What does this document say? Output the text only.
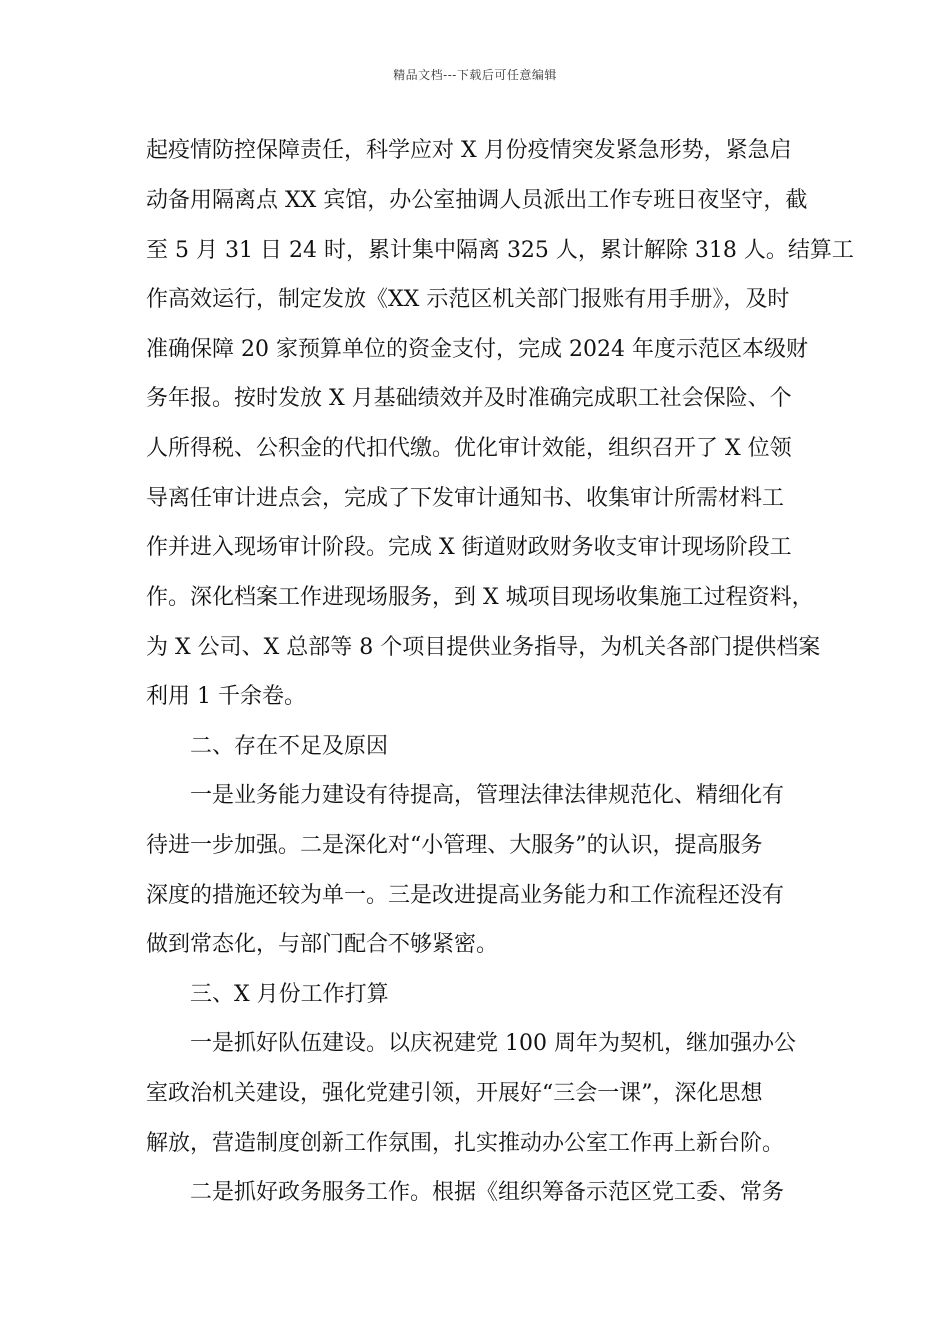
精品文档---下载后可任意编辑
起疫情防控保障责任，科学应对 X 月份疫情突发紧急形势，紧急启
动备用隔离点 XX 宾馆，办公室抽调人员派出工作专班日夜坚守，截
至 5 月 31 日 24 时，累计集中隔离 325 人，累计解除 318 人。结算工
作高效运行，制定发放《XX 示范区机关部门报账有用手册》，及时
准确保障 20 家预算单位的资金支付，完成 2024 年度示范区本级财
务年报。按时发放 X 月基础绩效并及时准确完成职工社会保险、个
人所得税、公积金的代扣代缴。优化审计效能，组织召开了 X 位领
导离任审计进点会，完成了下发审计通知书、收集审计所需材料工
作并进入现场审计阶段。完成 X 街道财政财务收支审计现场阶段工
作。深化档案工作进现场服务，到 X 城项目现场收集施工过程资料，
为 X 公司、X 总部等 8 个项目提供业务指导，为机关各部门提供档案
利用 1 千余卷。
二、存在不足及原因
一是业务能力建设有待提高，管理法律法律规范化、精细化有
待进一步加强。二是深化对“小管理、大服务”的认识，提高服务
深度的措施还较为单一。三是改进提高业务能力和工作流程还没有
做到常态化，与部门配合不够紧密。
三、X 月份工作打算
一是抓好队伍建设。以庆祝建党 100 周年为契机，继加强办公
室政治机关建设，强化党建引领，开展好“三会一课”，深化思想
解放，营造制度创新工作氛围，扎实推动办公室工作再上新台阶。
二是抓好政务服务工作。根据《组织筹备示范区党工委、常务
